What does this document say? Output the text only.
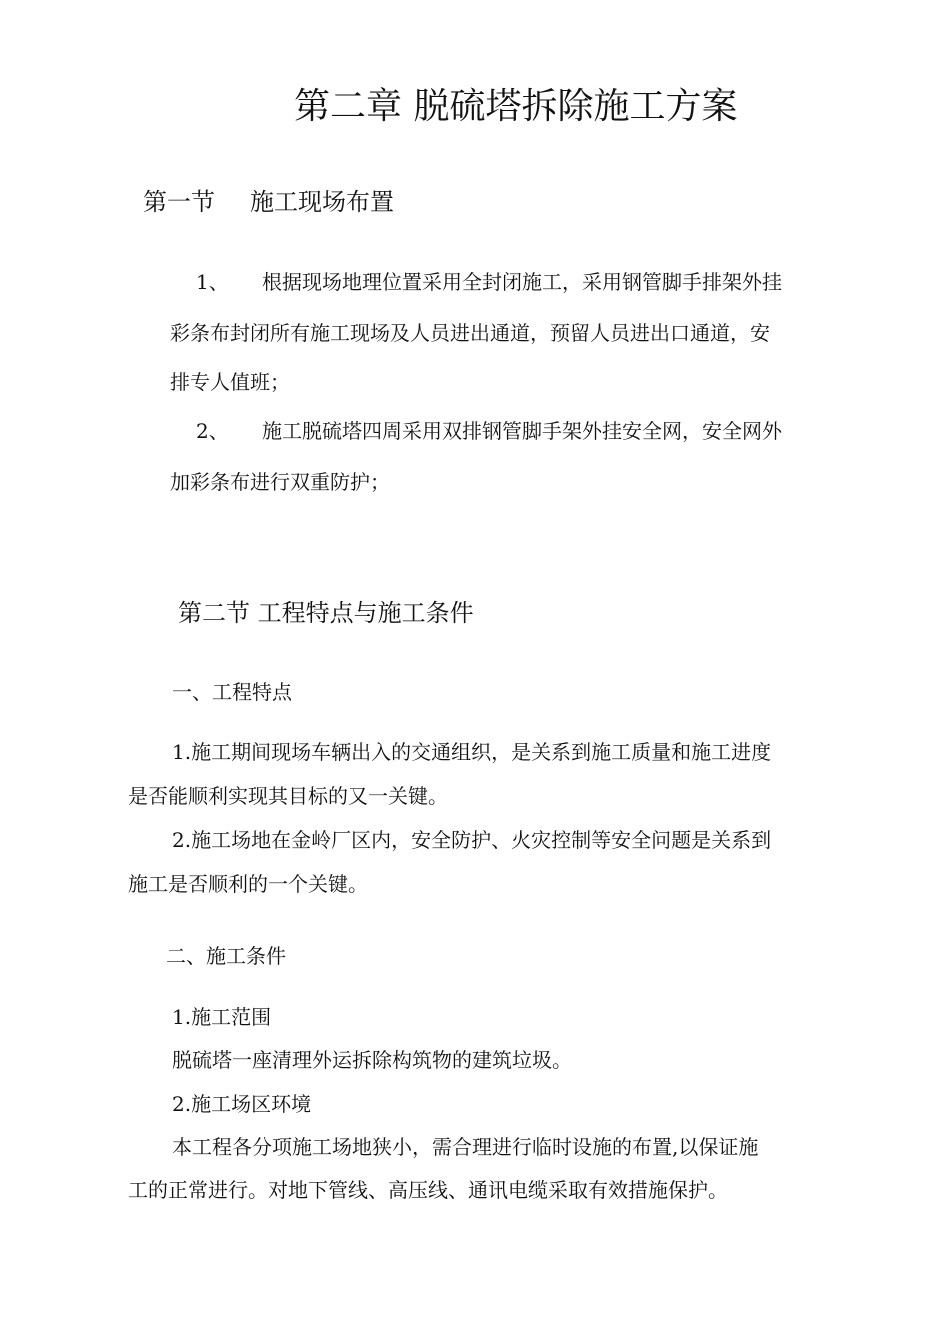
第二章 脱硫塔拆除施工方案
第一节 施工现场布置
1、 根据现场地理位置采用全封闭施工，采用钢管脚手排架外挂
彩条布封闭所有施工现场及人员进出通道，预留人员进出口通道，安
排专人值班；
2、 施工脱硫塔四周采用双排钢管脚手架外挂安全网，安全网外
加彩条布进行双重防护；
第二节 工程特点与施工条件
一、工程特点

1.施工期间现场车辆出入的交通组织，是关系到施工质量和施工进度

是否能顺利实现其目标的又一关键。

2.施工场地在金岭厂区内，安全防护、火灾控制等安全问题是关系到

施工是否顺利的一个关键。

二、施工条件

1.施工范围

脱硫塔一座清理外运拆除构筑物的建筑垃圾。

2.施工场区环境

本工程各分项施工场地狭小，需合理进行临时设施的布置,以保证施

工的正常进行。对地下管线、高压线、通讯电缆采取有效措施保护。
